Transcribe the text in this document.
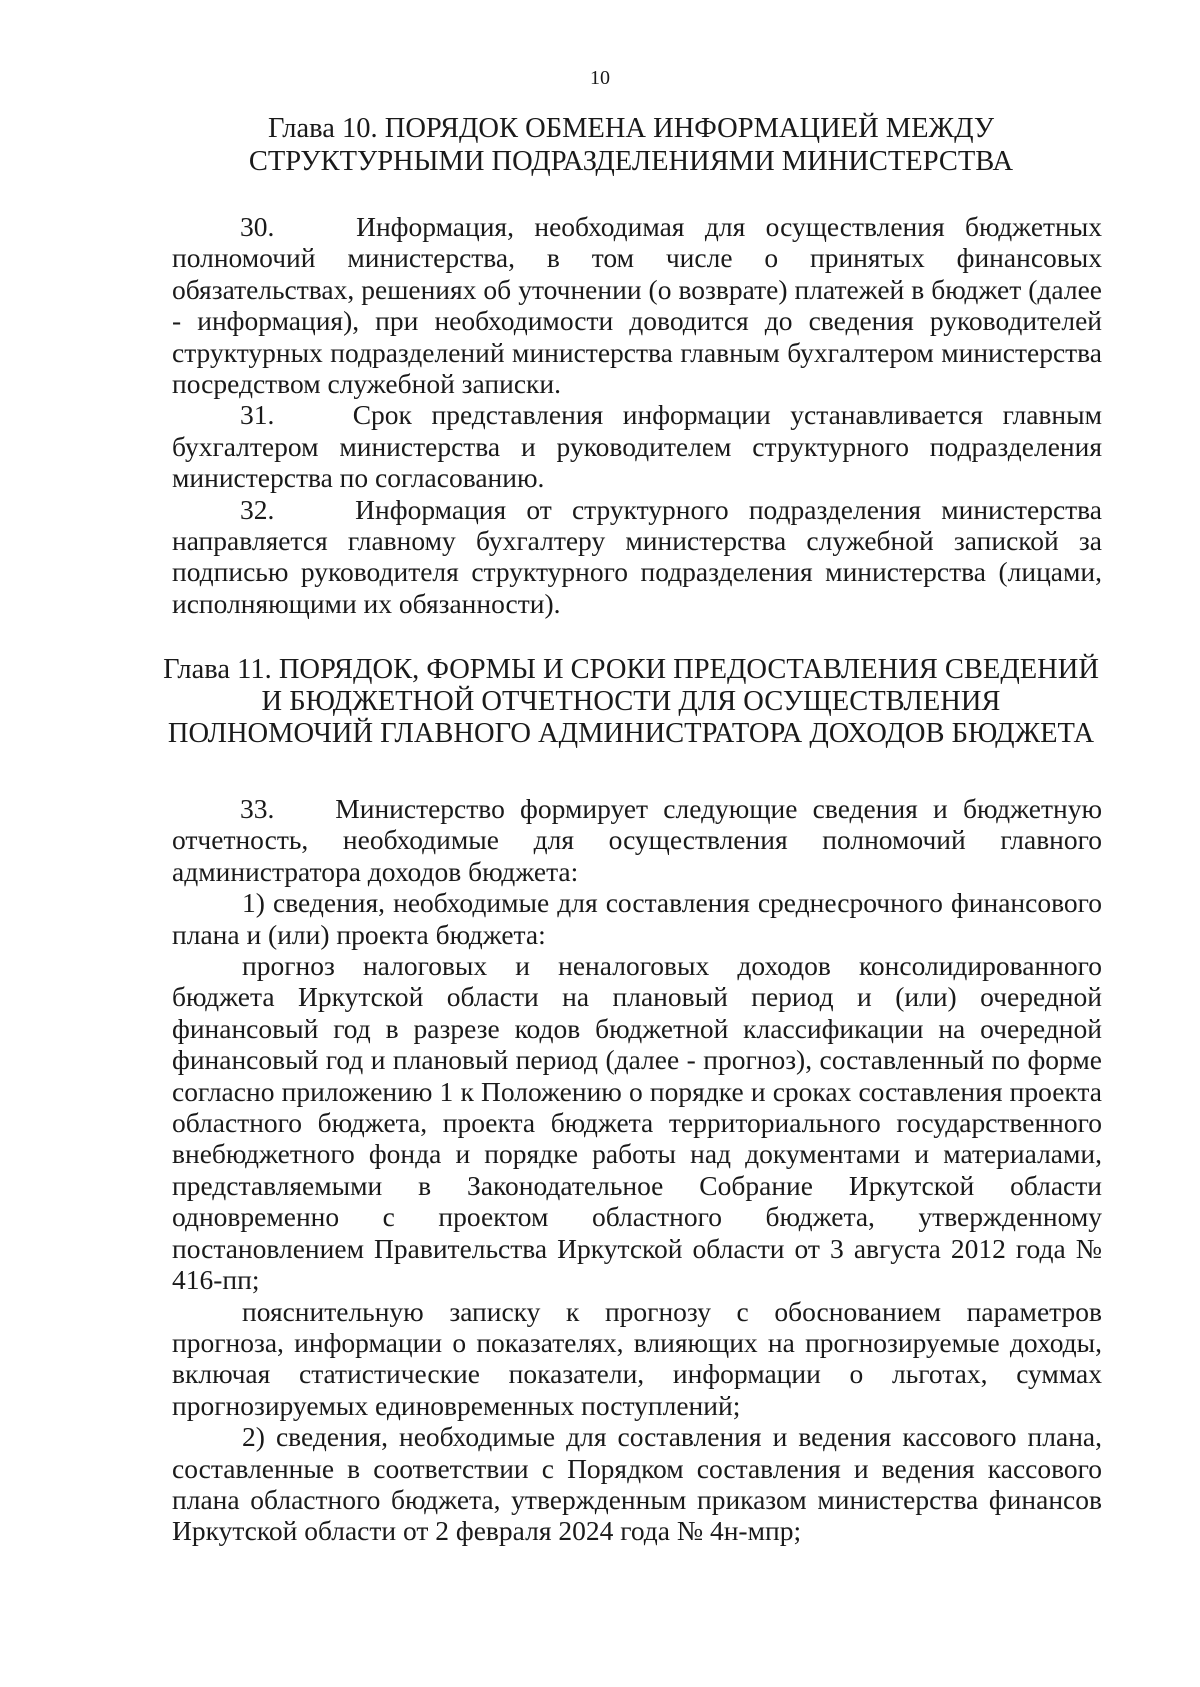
10
Глава 10. ПОРЯДОК ОБМЕНА ИНФОРМАЦИЕЙ МЕЖДУ
СТРУКТУРНЫМИ ПОДРАЗДЕЛЕНИЯМИ МИНИСТЕРСТВА

30.    Информация, необходимая для осуществления бюджетных полномочий министерства, в том числе о принятых финансовых обязательствах, решениях об уточнении (о возврате) платежей в бюджет (далее - информация), при необходимости доводится до сведения руководителей структурных подразделений министерства главным бухгалтером министерства посредством служебной записки.

31.    Срок представления информации устанавливается главным бухгалтером министерства и руководителем структурного подразделения министерства по согласованию.

32.    Информация от структурного подразделения министерства направляется главному бухгалтеру министерства служебной запиской за подписью руководителя структурного подразделения министерства (лицами, исполняющими их обязанности).

Глава 11. ПОРЯДОК, ФОРМЫ И СРОКИ ПРЕДОСТАВЛЕНИЯ СВЕДЕНИЙ
И БЮДЖЕТНОЙ ОТЧЕТНОСТИ ДЛЯ ОСУЩЕСТВЛЕНИЯ
ПОЛНОМОЧИЙ ГЛАВНОГО АДМИНИСТРАТОРА ДОХОДОВ БЮДЖЕТА

33.    Министерство формирует следующие сведения и бюджетную отчетность, необходимые для осуществления полномочий главного администратора доходов бюджета:

1) сведения, необходимые для составления среднесрочного финансового плана и (или) проекта бюджета:

прогноз налоговых и неналоговых доходов консолидированного бюджета Иркутской области на плановый период и (или) очередной финансовый год в разрезе кодов бюджетной классификации на очередной финансовый год и плановый период (далее - прогноз), составленный по форме согласно приложению 1 к Положению о порядке и сроках составления проекта областного бюджета, проекта бюджета территориального государственного внебюджетного фонда и порядке работы над документами и материалами, представляемыми в Законодательное Собрание Иркутской области одновременно с проектом областного бюджета, утвержденному постановлением Правительства Иркутской области от 3 августа 2012 года № 416-пп;

пояснительную записку к прогнозу с обоснованием параметров прогноза, информации о показателях, влияющих на прогнозируемые доходы, включая статистические показатели, информации о льготах, суммах прогнозируемых единовременных поступлений;

2) сведения, необходимые для составления и ведения кассового плана, составленные в соответствии с Порядком составления и ведения кассового плана областного бюджета, утвержденным приказом министерства финансов Иркутской области от 2 февраля 2024 года № 4н-мпр;
